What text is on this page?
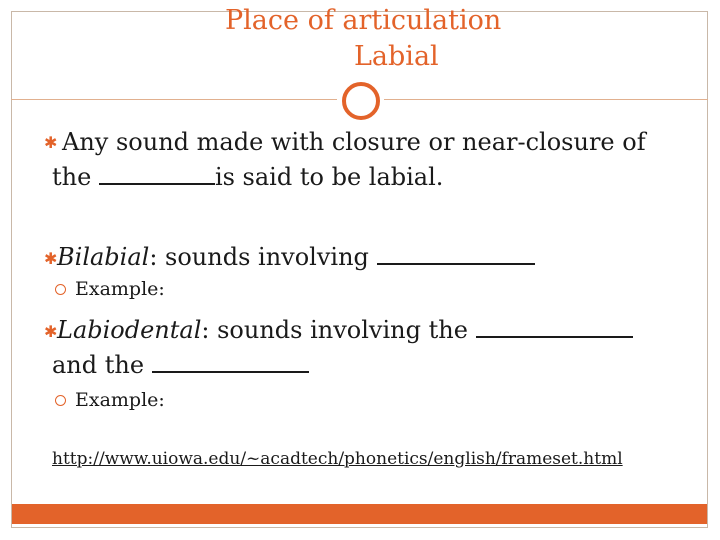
Place of articulation
Labial
✱ Any sound made with closure or near-closure of
the	is said to be labial.
✱ Bilabial: sounds involving
Example:
✱ Labiodental: sounds involving the
and the
Example:
http://www.uiowa.edu/~acadtech/phonetics/english/frameset.html
